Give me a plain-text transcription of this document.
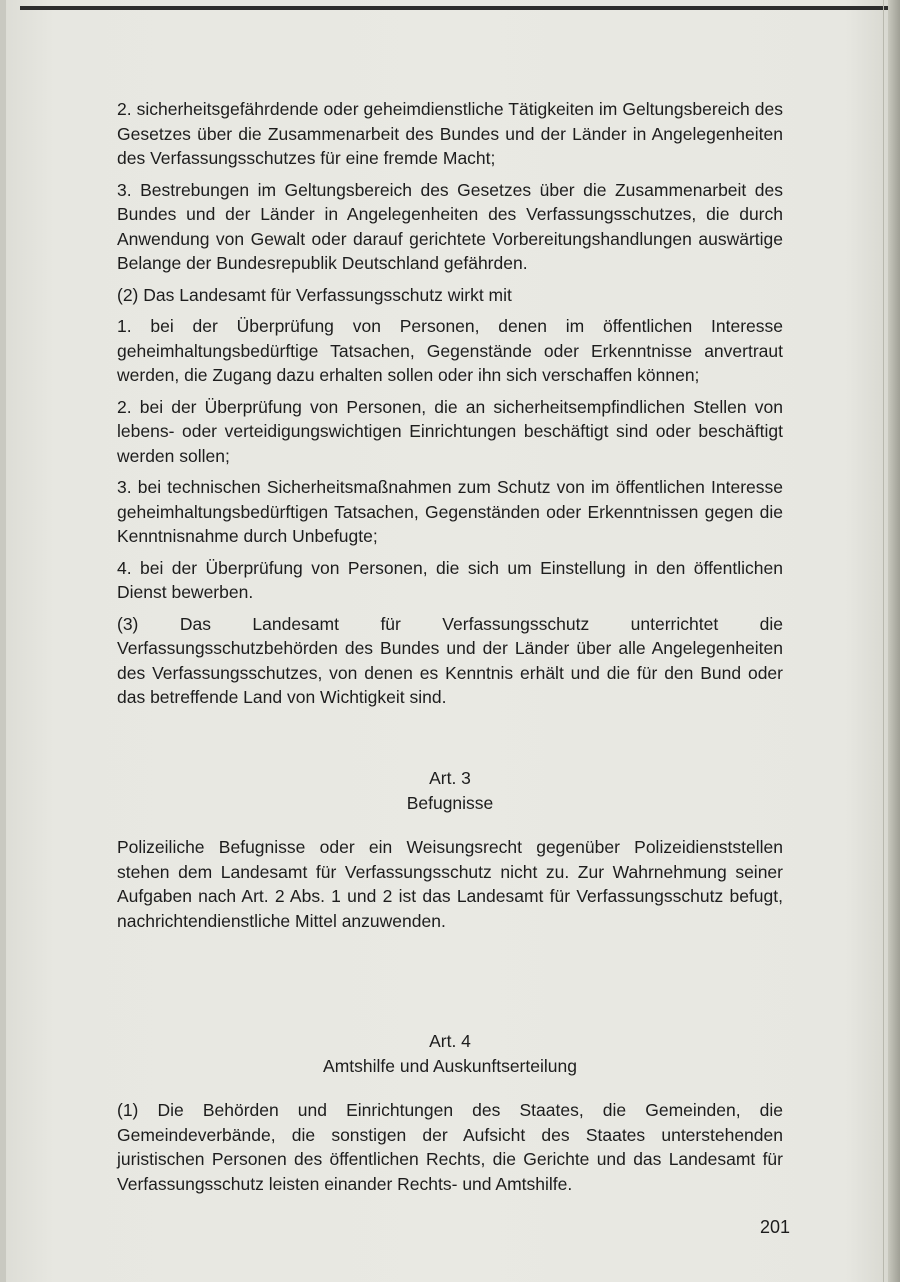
2. sicherheitsgefährdende oder geheimdienstliche Tätigkeiten im Geltungsbereich des Gesetzes über die Zusammenarbeit des Bundes und der Länder in Angelegenheiten des Verfassungsschutzes für eine fremde Macht;

3. Bestrebungen im Geltungsbereich des Gesetzes über die Zusammenarbeit des Bundes und der Länder in Angelegenheiten des Verfassungsschutzes, die durch Anwendung von Gewalt oder darauf gerichtete Vorbereitungshandlungen auswärtige Belange der Bundesrepublik Deutschland gefährden.

(2) Das Landesamt für Verfassungsschutz wirkt mit

1. bei der Überprüfung von Personen, denen im öffentlichen Interesse geheimhaltungsbedürftige Tatsachen, Gegenstände oder Erkenntnisse anvertraut werden, die Zugang dazu erhalten sollen oder ihn sich verschaffen können;

2. bei der Überprüfung von Personen, die an sicherheitsempfindlichen Stellen von lebens- oder verteidigungswichtigen Einrichtungen beschäftigt sind oder beschäftigt werden sollen;

3. bei technischen Sicherheitsmaßnahmen zum Schutz von im öffentlichen Interesse geheimhaltungsbedürftigen Tatsachen, Gegenständen oder Erkenntnissen gegen die Kenntnisnahme durch Unbefugte;

4. bei der Überprüfung von Personen, die sich um Einstellung in den öffentlichen Dienst bewerben.

(3) Das Landesamt für Verfassungsschutz unterrichtet die Verfassungsschutzbehörden des Bundes und der Länder über alle Angelegenheiten des Verfassungsschutzes, von denen es Kenntnis erhält und die für den Bund oder das betreffende Land von Wichtigkeit sind.

Art. 3
Befugnisse

Polizeiliche Befugnisse oder ein Weisungsrecht gegenüber Polizeidienststellen stehen dem Landesamt für Verfassungsschutz nicht zu. Zur Wahrnehmung seiner Aufgaben nach Art. 2 Abs. 1 und 2 ist das Landesamt für Verfassungsschutz befugt, nachrichtendienstliche Mittel anzuwenden.

Art. 4
Amtshilfe und Auskunftserteilung

(1) Die Behörden und Einrichtungen des Staates, die Gemeinden, die Gemeindeverbände, die sonstigen der Aufsicht des Staates unterstehenden juristischen Personen des öffentlichen Rechts, die Gerichte und das Landesamt für Verfassungsschutz leisten einander Rechts- und Amtshilfe.

201
